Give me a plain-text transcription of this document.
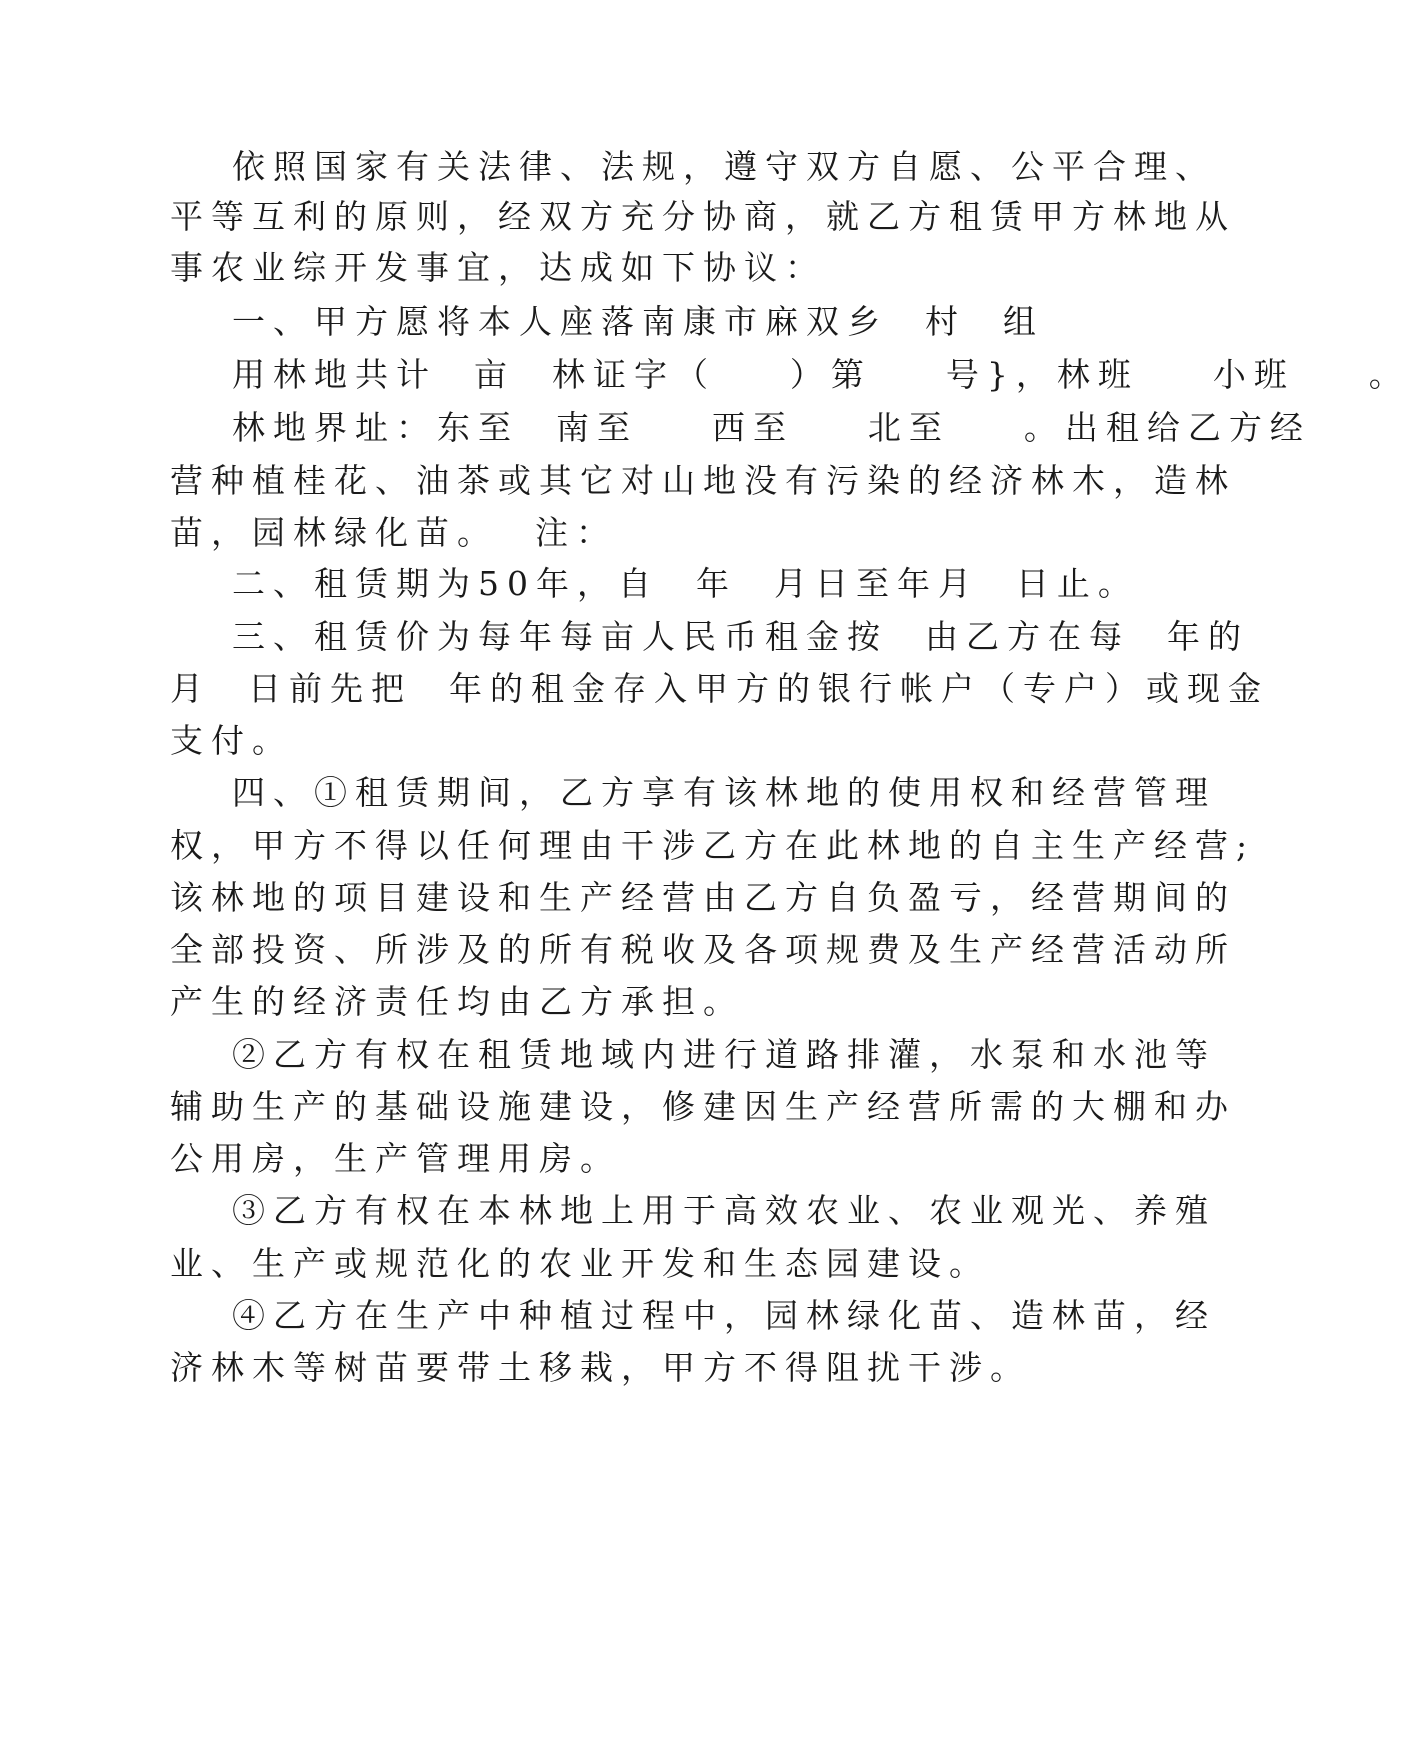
依照国家有关法律、法规，遵守双方自愿、公平合理、
平等互利的原则，经双方充分协商，就乙方租赁甲方林地从
事农业综开发事宜，达成如下协议：
一、甲方愿将本人座落南康市麻双乡  村  组
用林地共计  亩  林证字（    ）第    号}，林班    小班    。
林地界址：东至  南至    西至    北至    。出租给乙方经
营种植桂花、油茶或其它对山地没有污染的经济林木，造林
苗，园林绿化苗。  注：
二、租赁期为50年，自  年  月日至年月  日止。
三、租赁价为每年每亩人民币租金按  由乙方在每  年的
月  日前先把  年的租金存入甲方的银行帐户（专户）或现金
支付。
四、①租赁期间，乙方享有该林地的使用权和经营管理
权，甲方不得以任何理由干涉乙方在此林地的自主生产经营;
该林地的项目建设和生产经营由乙方自负盈亏，经营期间的
全部投资、所涉及的所有税收及各项规费及生产经营活动所
产生的经济责任均由乙方承担。
②乙方有权在租赁地域内进行道路排灌，水泵和水池等
辅助生产的基础设施建设，修建因生产经营所需的大棚和办
公用房，生产管理用房。
③乙方有权在本林地上用于高效农业、农业观光、养殖
业、生产或规范化的农业开发和生态园建设。
④乙方在生产中种植过程中，园林绿化苗、造林苗，经
济林木等树苗要带土移栽，甲方不得阻扰干涉。
